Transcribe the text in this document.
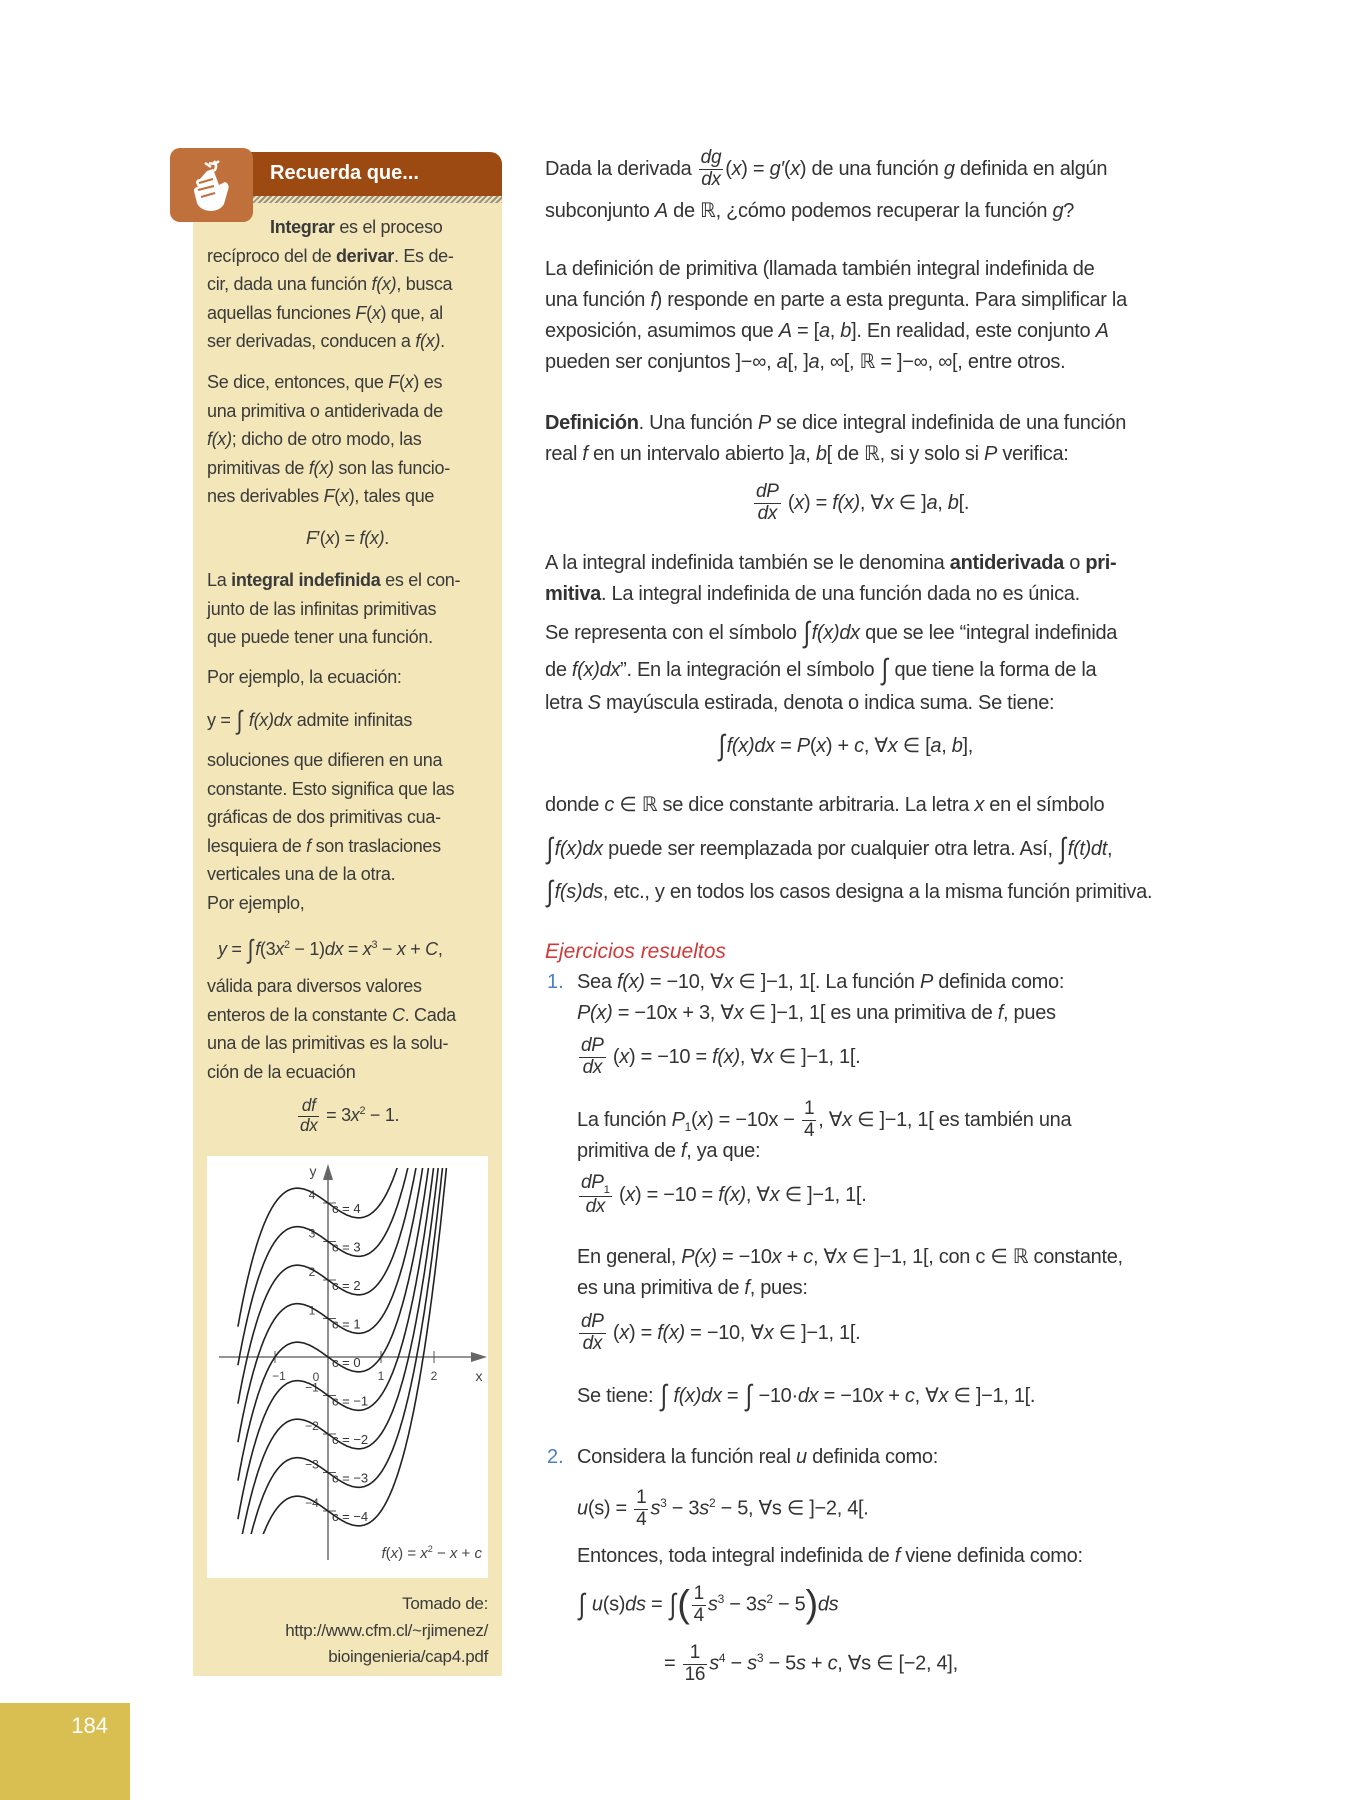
Recuerda que...
Integrar es el proceso
recíproco del de derivar. Es de-
cir, dada una función f(x), busca
aquellas funciones F(x) que, al
ser derivadas, conducen a f(x).
Se dice, entonces, que F(x) es
una primitiva o antiderivada de
f(x); dicho de otro modo, las
primitivas de f(x) son las funcio-
nes derivables F(x), tales que
F′(x) = f(x).
La integral indefinida es el con-
junto de las infinitas primitivas
que puede tener una función.
Por ejemplo, la ecuación:
y = ∫ f(x)dx admite infinitas
soluciones que difieren en una
constante. Esto significa que las
gráficas de dos primitivas cua-
lesquiera de f son traslaciones
verticales una de la otra.
Por ejemplo,
$y = \int f(3x^2 - 1)dx = x^3 - x + C$,
válida para diversos valores
enteros de la constante C. Cada
una de las primitivas es la solu-
ción de la ecuación
$\frac{df}{dx} = 3x^2 - 1$.
−1	1	2
4
3
2
1
−1
−2
−3
−4
0	x
y
c = 4
c = 3
c = 2
c = 1
c = 0
c = −1
c = −2
c = −3
c = −4
$f(x) = x^2 - x + c$
Tomado de:
http://www.cfm.cl/~rjimenez/
bioingenieria/cap4.pdf
Dada la derivada $\frac{dg}{dx} (x) = g'(x)$ de una función g definida en algún
subconjunto A de ℝ, ¿cómo podemos recuperar la función g?
La definición de primitiva (llamada también integral indefinida de
una función f) responde en parte a esta pregunta. Para simplificar la
exposición, asumimos que A = [a, b]. En realidad, este conjunto A
pueden ser conjuntos ]−∞, a[, ]a, ∞[, ℝ = ]−∞, ∞[, entre otros.
Definición. Una función P se dice integral indefinida de una función
real f en un intervalo abierto ]a, b[ de ℝ, si y solo si P verifica:
$\frac{dP}{dx} (x) = f(x)$, ∀x ∈ ]a, b[.
A la integral indefinida también se le denomina antiderivada o pri-
mitiva. La integral indefinida de una función dada no es única.
Se representa con el símbolo ∫f(x)dx que se lee “integral indefinida
de f(x)dx”. En la integración el símbolo ∫ que tiene la forma de la
letra S mayúscula estirada, denota o indica suma. Se tiene:
∫f(x)dx = P(x) + c, ∀x ∈ [a, b],
donde c ∈ ℝ se dice constante arbitraria. La letra x en el símbolo
∫f(x)dx puede ser reemplazada por cualquier otra letra. Así, ∫f(t)dt,
∫f(s)ds, etc., y en todos los casos designa a la misma función primitiva.
Ejercicios resueltos
1. Sea f(x) = −10, ∀x ∈ ]−1, 1[. La función P definida como:
P(x) = −10x + 3, ∀x ∈ ]−1, 1[ es una primitiva de f, pues
$\frac{dP}{dx} (x) = -10 = f(x)$, ∀x ∈ ]−1, 1[.
La función $P_1(x) = -10x - \frac{1}{4}$ , ∀x ∈ ]−1, 1[ es también una
primitiva de f, ya que:
$\frac{dP_1}{dx} (x) = -10 = f(x)$, ∀x ∈ ]−1, 1[.
En general, P(x) = −10x + c, ∀x ∈ ]−1, 1[, con c ∈ ℝ constante,
es una primitiva de f, pues:
$\frac{dP}{dx} (x) = f(x) = -10$, ∀x ∈ ]−1, 1[.
Se tiene: ∫ f(x)dx = ∫ −10·dx = −10x + c, ∀x ∈ ]−1, 1[.
2. Considera la función real u definida como:
$u(s) = \frac{1}{4} s^3 - 3s^2 - 5$, ∀s ∈ ]−2, 4[.
Entonces, toda integral indefinida de f viene definida como:
∫ u(s)ds = ∫( $\frac{1}{4} s^3 - 3s^2 - 5)ds$
= $\frac{1}{16} s^4 - s^3 - 5s + c$, ∀s ∈ [−2, 4],
184
